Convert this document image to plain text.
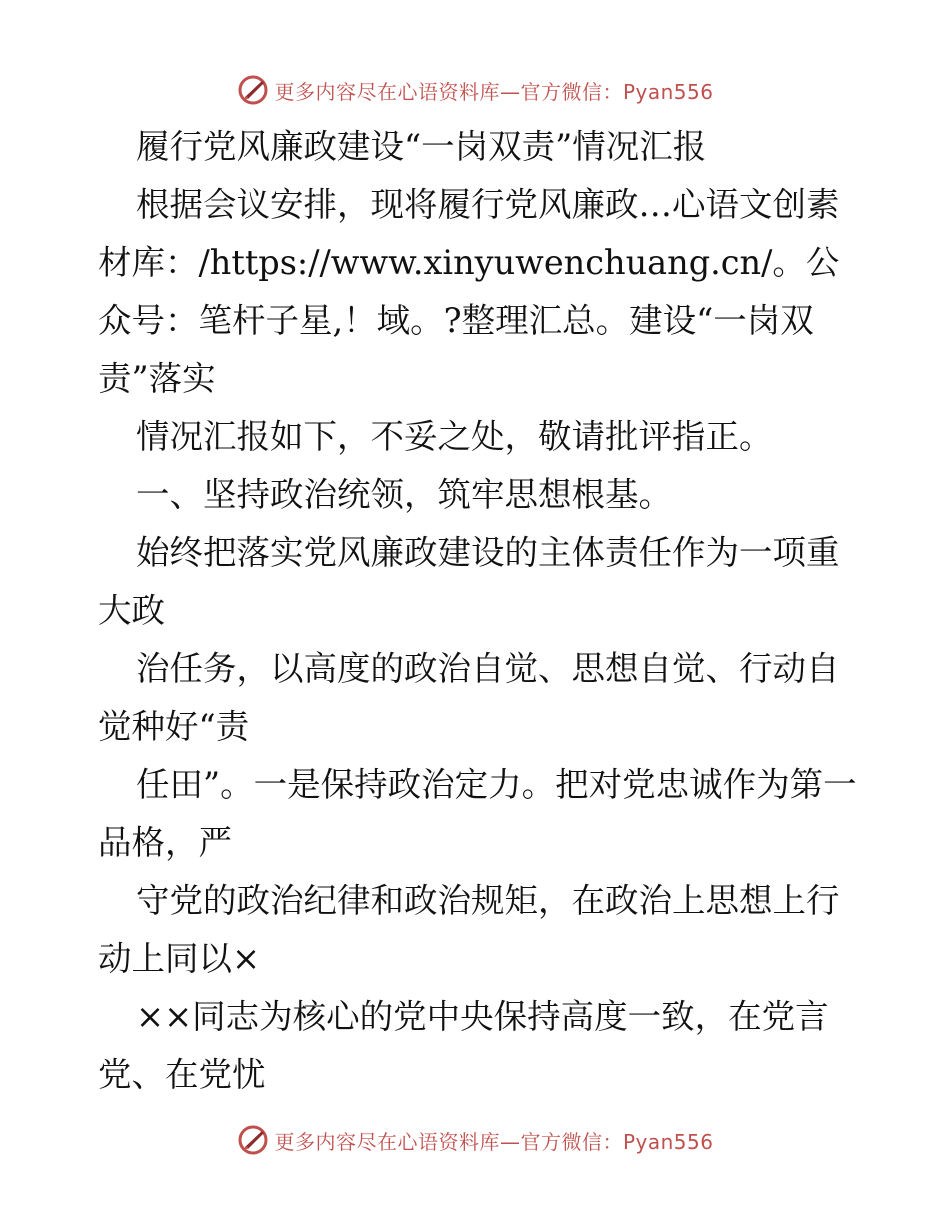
更多内容尽在心语资料库—官方微信：Pyan556

履行党风廉政建设“一岗双责”情况汇报

根据会议安排，现将履行党风廉政…心语文创素材库：/https://www.xinyuwenchuang.cn/。公众号：笔杆子星,！域。?整理汇总。建设“一岗双责”落实

情况汇报如下，不妥之处，敬请批评指正。

一、坚持政治统领，筑牢思想根基。

始终把落实党风廉政建设的主体责任作为一项重大政

治任务，以高度的政治自觉、思想自觉、行动自觉种好“责

任田”。一是保持政治定力。把对党忠诚作为第一品格，严

守党的政治纪律和政治规矩，在政治上思想上行动上同以×

××同志为核心的党中央保持高度一致，在党言党、在党忧

更多内容尽在心语资料库—官方微信：Pyan556
